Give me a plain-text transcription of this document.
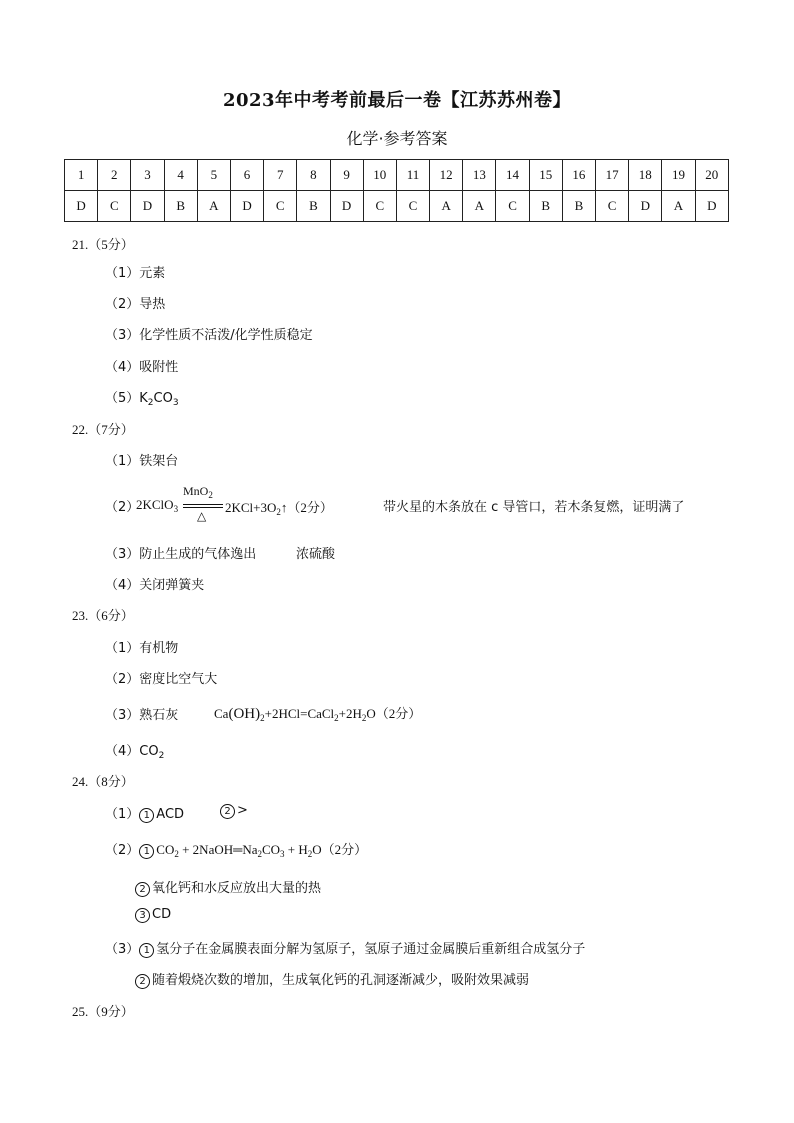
2023年中考考前最后一卷【江苏苏州卷】
化学·参考答案
1	2	3	4	5	6	7	8	9	10	11	12	13	14	15	16	17	18	19	20
D	C	D	B	A	D	C	B	D	C	C	A	A	C	B	B	C	D	A	D
21.（5分）
（1）元素
（2）导热
（3）化学性质不活泼/化学性质稳定
（4）吸附性
$(5)K_2CO_3$
22.（7分）
（1）铁架台
（2）
2KClO$_3$
MnO$_2$
△
$2KCl+3O_2↑(2$分）	带火星的木条放在 c 导管口，若木条复燃，证明满了
（3）防止生成的气体逸出	浓硫酸
（4）关闭弹簧夹
23.（6分）
（1）有机物
（2）密度比空气大
（3）熟石灰	$Ca(OH)_2+2HCl=CaCl_2+2H_2O(2$分）
$(4)CO_2$
24.（8分）
（1） 1 ACD	2 >
（2） 1 $CO_2$ + $2NaOH═Na_2CO_3 + H_2O(2$分）
2 氧化钙和水反应放出大量的热
3 CD
（3） 1 氢分子在金属膜表面分解为氢原子，氢原子通过金属膜后重新组合成氢分子
2 随着煅烧次数的增加，生成氧化钙的孔洞逐渐减少，吸附效果减弱
25.（9分）
